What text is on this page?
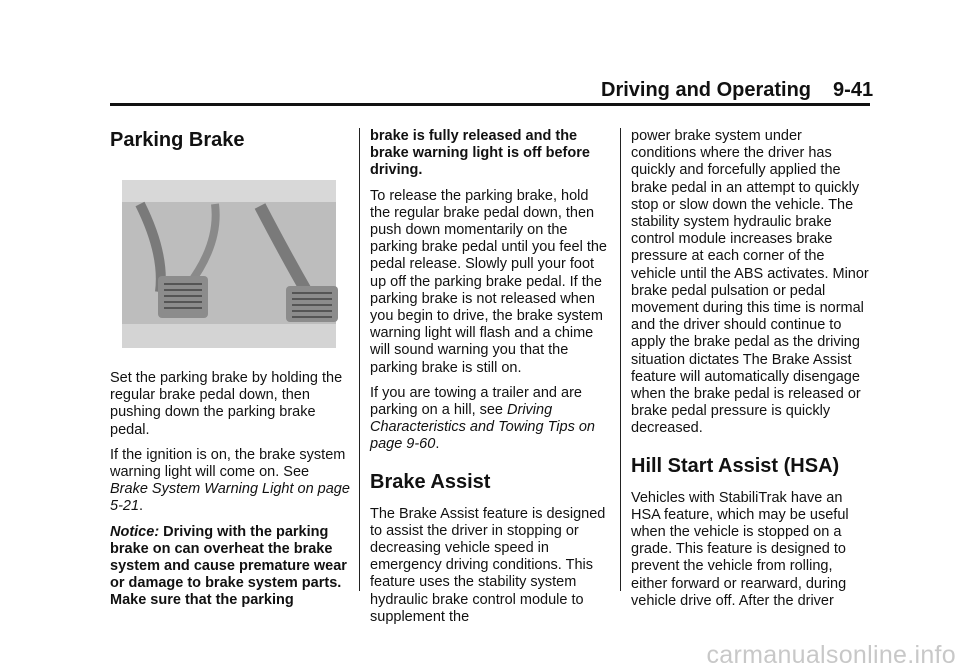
Driving and Operating 9-41
Parking Brake

Set the parking brake by holding the regular brake pedal down, then pushing down the parking brake pedal.

If the ignition is on, the brake system warning light will come on. See Brake System Warning Light on page 5-21.

Notice: Driving with the parking brake on can overheat the brake system and cause premature wear or damage to brake system parts. Make sure that the parking

brake is fully released and the brake warning light is off before driving.

To release the parking brake, hold the regular brake pedal down, then push down momentarily on the parking brake pedal until you feel the pedal release. Slowly pull your foot up off the parking brake pedal. If the parking brake is not released when you begin to drive, the brake system warning light will flash and a chime will sound warning you that the parking brake is still on.

If you are towing a trailer and are parking on a hill, see Driving Characteristics and Towing Tips on page 9-60.

Brake Assist

The Brake Assist feature is designed to assist the driver in stopping or decreasing vehicle speed in emergency driving conditions. This feature uses the stability system hydraulic brake control module to supplement the

power brake system under conditions where the driver has quickly and forcefully applied the brake pedal in an attempt to quickly stop or slow down the vehicle. The stability system hydraulic brake control module increases brake pressure at each corner of the vehicle until the ABS activates. Minor brake pedal pulsation or pedal movement during this time is normal and the driver should continue to apply the brake pedal as the driving situation dictates The Brake Assist feature will automatically disengage when the brake pedal is released or brake pedal pressure is quickly decreased.

Hill Start Assist (HSA)

Vehicles with StabiliTrak have an HSA feature, which may be useful when the vehicle is stopped on a grade. This feature is designed to prevent the vehicle from rolling, either forward or rearward, during vehicle drive off. After the driver

carmanualsonline.info
